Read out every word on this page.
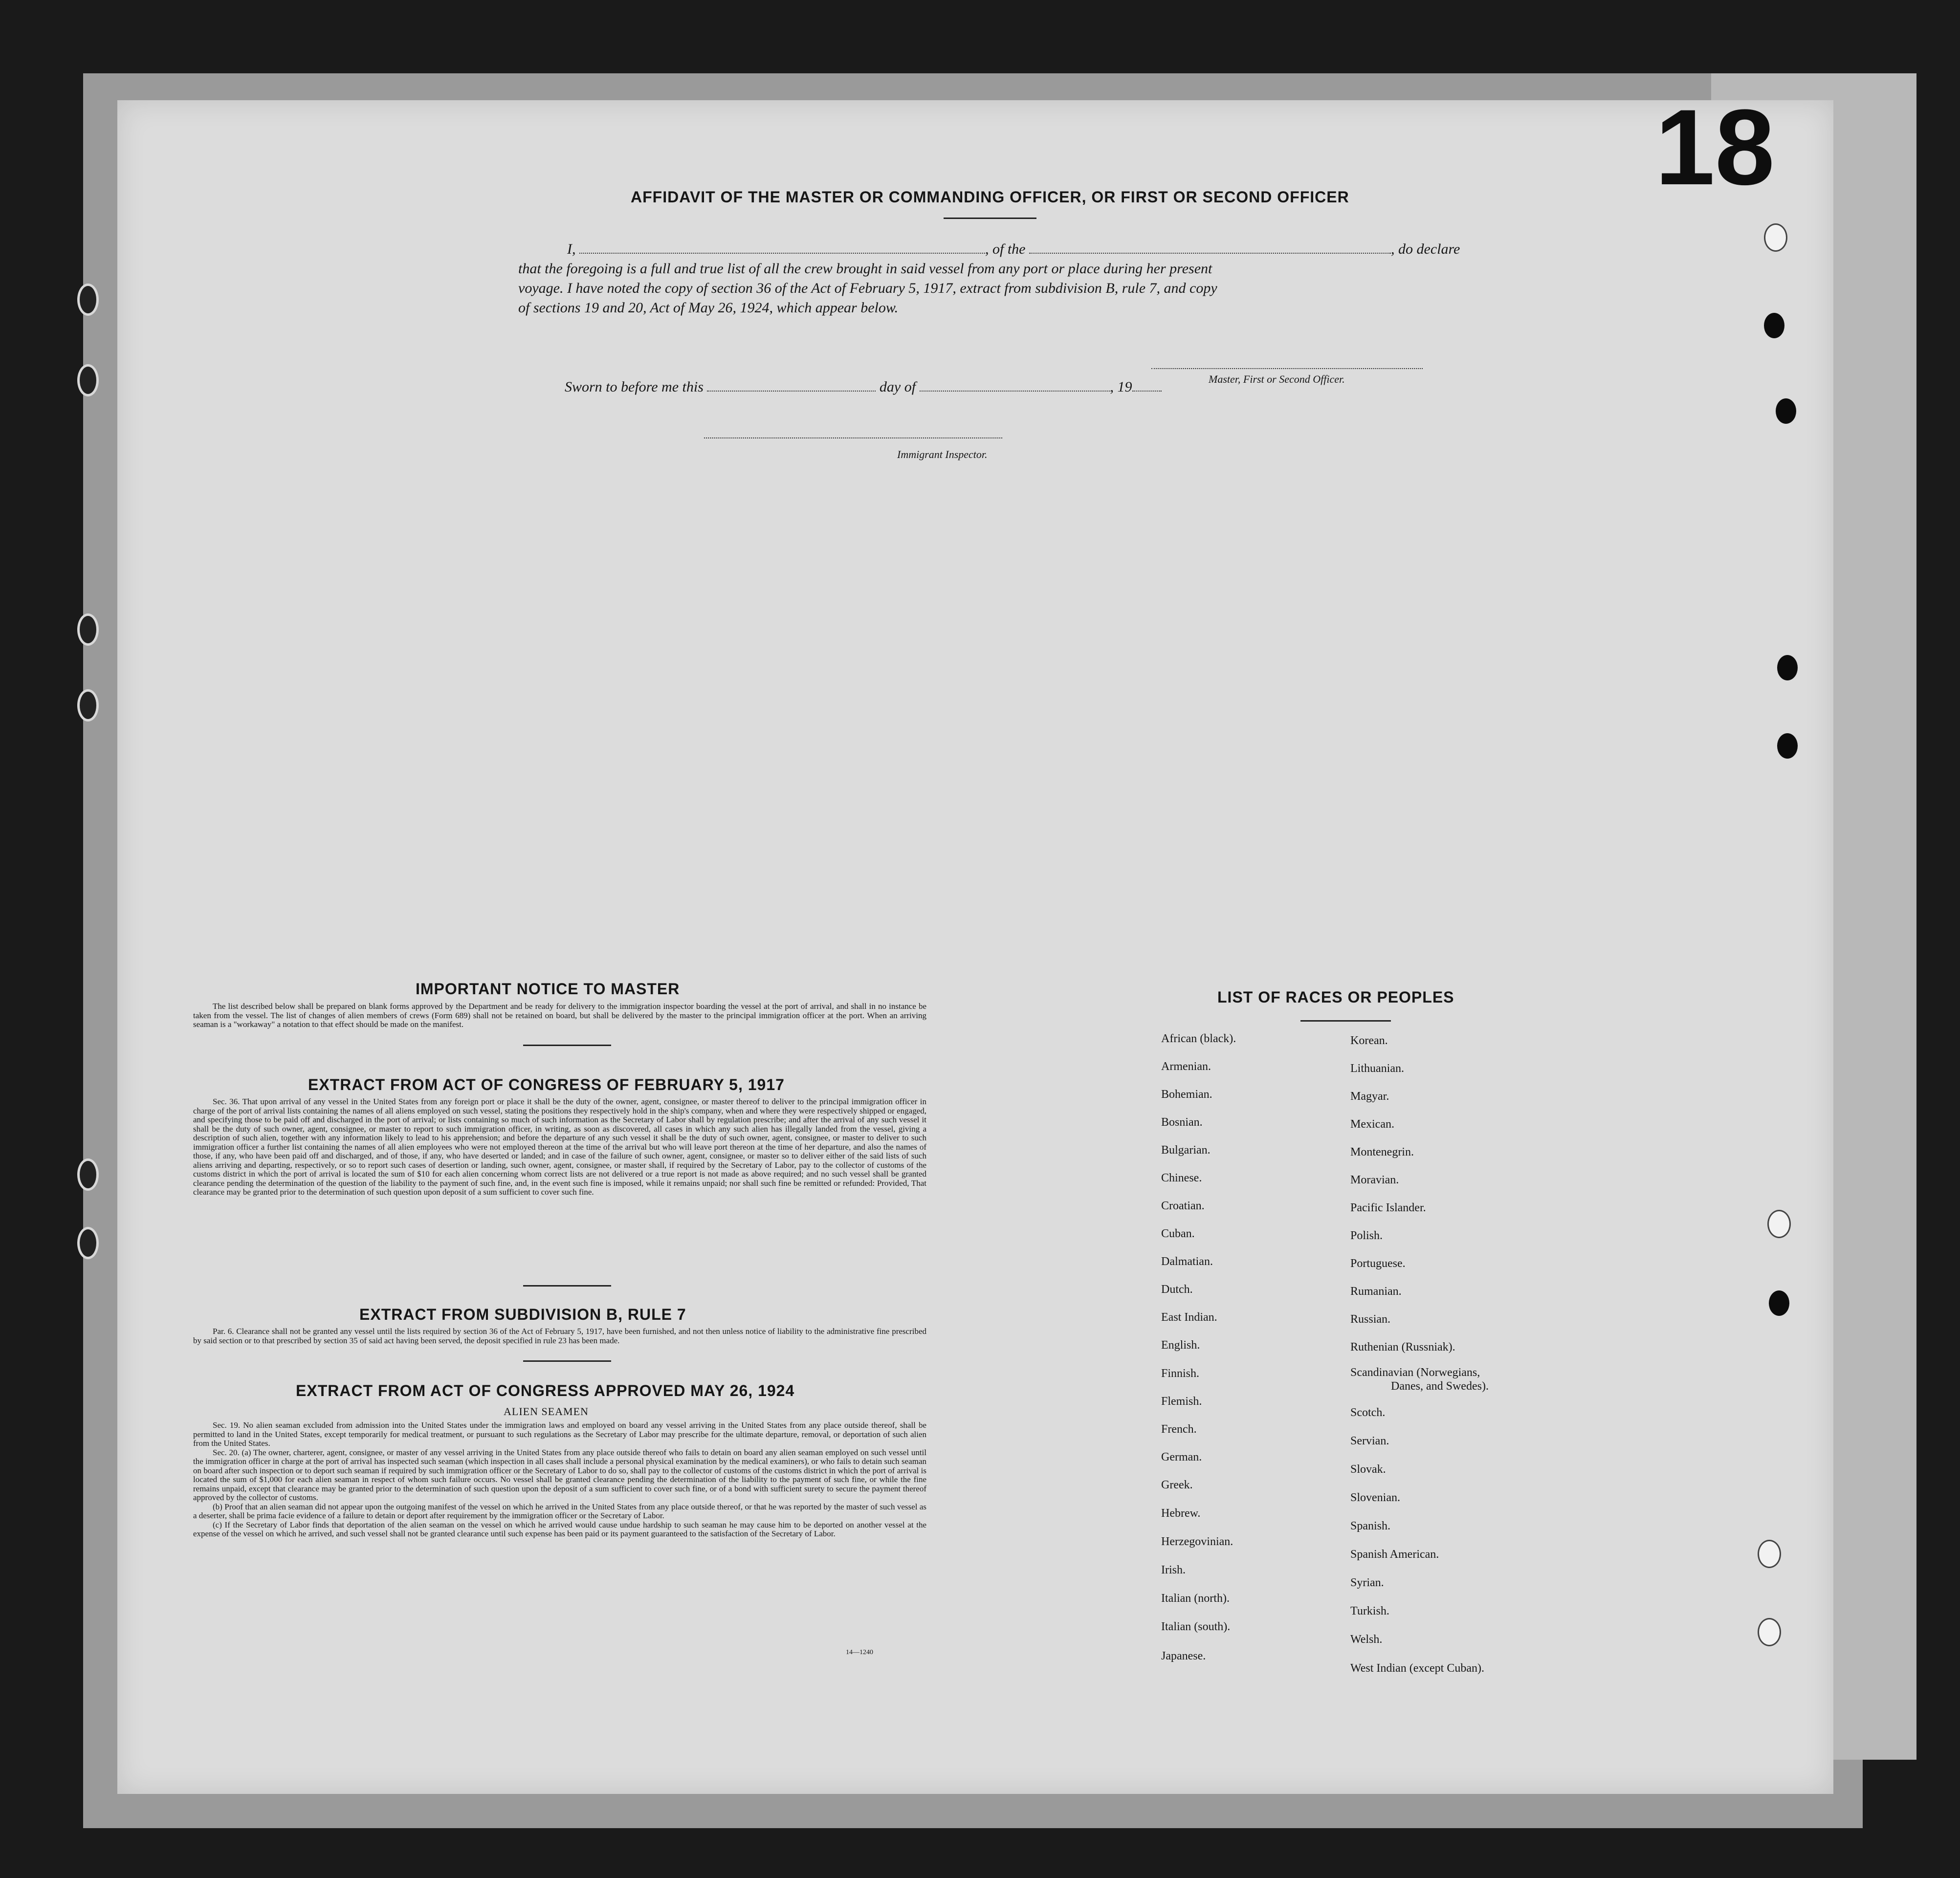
18
AFFIDAVIT OF THE MASTER OR COMMANDING OFFICER, OR FIRST OR SECOND OFFICER
I,	, of the	, do declare
that the foregoing is a full and true list of all the crew brought in said vessel from any port or place during her present
voyage. I have noted the copy of section 36 of the Act of February 5, 1917, extract from subdivision B, rule 7, and copy
of sections 19 and 20, Act of May 26, 1924, which appear below.
Master, First or Second Officer.
Sworn to before me this	day of	, 19
Immigrant Inspector.
IMPORTANT NOTICE TO MASTER

The list described below shall be prepared on blank forms approved by the Department and be ready for delivery to the immigration inspector boarding the vessel at the port of arrival, and shall in no instance be taken from the vessel. The list of changes of alien members of crews (Form 689) shall not be retained on board, but shall be delivered by the master to the principal immigration officer at the port. When an arriving seaman is a "workaway" a notation to that effect should be made on the manifest.

EXTRACT FROM ACT OF CONGRESS OF FEBRUARY 5, 1917

Sec. 36. That upon arrival of any vessel in the United States from any foreign port or place it shall be the duty of the owner, agent, consignee, or master thereof to deliver to the principal immigration officer in charge of the port of arrival lists containing the names of all aliens employed on such vessel, stating the positions they respectively hold in the ship's company, when and where they were respectively shipped or engaged, and specifying those to be paid off and discharged in the port of arrival; or lists containing so much of such information as the Secretary of Labor shall by regulation prescribe; and after the arrival of any such vessel it shall be the duty of such owner, agent, consignee, or master to report to such immigration officer, in writing, as soon as discovered, all cases in which any such alien has illegally landed from the vessel, giving a description of such alien, together with any information likely to lead to his apprehension; and before the departure of any such vessel it shall be the duty of such owner, agent, consignee, or master to deliver to such immigration officer a further list containing the names of all alien employees who were not employed thereon at the time of the arrival but who will leave port thereon at the time of her departure, and also the names of those, if any, who have been paid off and discharged, and of those, if any, who have deserted or landed; and in case of the failure of such owner, agent, consignee, or master so to deliver either of the said lists of such aliens arriving and departing, respectively, or so to report such cases of desertion or landing, such owner, agent, consignee, or master shall, if required by the Secretary of Labor, pay to the collector of customs of the customs district in which the port of arrival is located the sum of $10 for each alien concerning whom correct lists are not delivered or a true report is not made as above required; and no such vessel shall be granted clearance pending the determination of the question of the liability to the payment of such fine, and, in the event such fine is imposed, while it remains unpaid; nor shall such fine be remitted or refunded: Provided, That clearance may be granted prior to the determination of such question upon deposit of a sum sufficient to cover such fine.

EXTRACT FROM SUBDIVISION B, RULE 7

Par. 6. Clearance shall not be granted any vessel until the lists required by section 36 of the Act of February 5, 1917, have been furnished, and not then unless notice of liability to the administrative fine prescribed by said section or to that prescribed by section 35 of said act having been served, the deposit specified in rule 23 has been made.

EXTRACT FROM ACT OF CONGRESS APPROVED MAY 26, 1924
ALIEN SEAMEN

Sec. 19. No alien seaman excluded from admission into the United States under the immigration laws and employed on board any vessel arriving in the United States from any place outside thereof, shall be permitted to land in the United States, except temporarily for medical treatment, or pursuant to such regulations as the Secretary of Labor may prescribe for the ultimate departure, removal, or deportation of such alien from the United States.

Sec. 20. (a) The owner, charterer, agent, consignee, or master of any vessel arriving in the United States from any place outside thereof who fails to detain on board any alien seaman employed on such vessel until the immigration officer in charge at the port of arrival has inspected such seaman (which inspection in all cases shall include a personal physical examination by the medical examiners), or who fails to detain such seaman on board after such inspection or to deport such seaman if required by such immigration officer or the Secretary of Labor to do so, shall pay to the collector of customs of the customs district in which the port of arrival is located the sum of $1,000 for each alien seaman in respect of whom such failure occurs. No vessel shall be granted clearance pending the determination of the liability to the payment of such fine, or while the fine remains unpaid, except that clearance may be granted prior to the determination of such question upon the deposit of a sum sufficient to cover such fine, or of a bond with sufficient surety to secure the payment thereof approved by the collector of customs.

(b) Proof that an alien seaman did not appear upon the outgoing manifest of the vessel on which he arrived in the United States from any place outside thereof, or that he was reported by the master of such vessel as a deserter, shall be prima facie evidence of a failure to detain or deport after requirement by the immigration officer or the Secretary of Labor.

(c) If the Secretary of Labor finds that deportation of the alien seaman on the vessel on which he arrived would cause undue hardship to such seaman he may cause him to be deported on another vessel at the expense of the vessel on which he arrived, and such vessel shall not be granted clearance until such expense has been paid or its payment guaranteed to the satisfaction of the Secretary of Labor.

14—1240
LIST OF RACES OR PEOPLES
African (black).
Armenian.
Bohemian.
Bosnian.
Bulgarian.
Chinese.
Croatian.
Cuban.
Dalmatian.
Dutch.
East Indian.
English.
Finnish.
Flemish.
French.
German.
Greek.
Hebrew.
Herzegovinian.
Irish.
Italian (north).
Italian (south).
Japanese.
Korean.
Lithuanian.
Magyar.
Mexican.
Montenegrin.
Moravian.
Pacific Islander.
Polish.
Portuguese.
Rumanian.
Russian.
Ruthenian (Russniak).
Scandinavian (Norwegians,
Danes, and Swedes).
Scotch.
Servian.
Slovak.
Slovenian.
Spanish.
Spanish American.
Syrian.
Turkish.
Welsh.
West Indian (except Cuban).
